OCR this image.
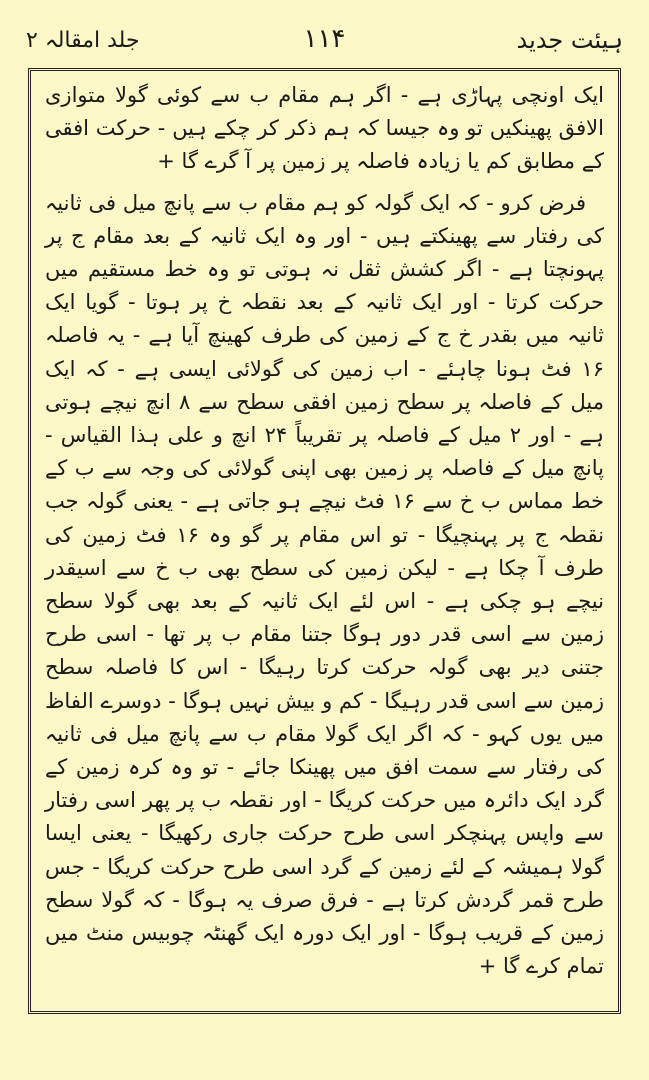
ہیئت جدید
۱۱۴
جلد امقالہ ۲

ایک اونچی پہاڑی ہے - اگر ہم مقام ب سے کوئی گولا متوازی الافق پھینکیں تو وہ جیسا کہ ہم ذکر کر چکے ہیں - حرکت افقی کے مطابق کم یا زیادہ فاصلہ پر زمین پر آ گرے گا +

فرض کرو - کہ ایک گولہ کو ہم مقام ب سے پانچ میل فی ثانیہ کی رفتار سے پھینکتے ہیں - اور وہ ایک ثانیہ کے بعد مقام ج پر پہونچتا ہے - اگر کشش ثقل نہ ہوتی تو وہ خط مستقیم میں حرکت کرتا - اور ایک ثانیہ کے بعد نقطہ خ پر ہوتا - گویا ایک ثانیہ میں بقدر خ ج کے زمین کی طرف کھینچ آیا ہے - یہ فاصلہ ۱۶ فٹ ہونا چاہئے - اب زمین کی گولائی ایسی ہے - کہ ایک میل کے فاصلہ پر سطح زمین افقی سطح سے ۸ انچ نیچے ہوتی ہے - اور ۲ میل کے فاصلہ پر تقریباً ۲۴ انچ و علی ہذا القیاس - پانچ میل کے فاصلہ پر زمین بھی اپنی گولائی کی وجہ سے ب کے خط مماس ب خ سے ۱۶ فٹ نیچے ہو جاتی ہے - یعنی گولہ جب نقطہ ج پر پہنچیگا - تو اس مقام پر گو وہ ۱۶ فٹ زمین کی طرف آ چکا ہے - لیکن زمین کی سطح بھی ب خ سے اسیقدر نیچے ہو چکی ہے - اس لئے ایک ثانیہ کے بعد بھی گولا سطح زمین سے اسی قدر دور ہوگا جتنا مقام ب پر تھا - اسی طرح جتنی دیر بھی گولہ حرکت کرتا رہیگا - اس کا فاصلہ سطح زمین سے اسی قدر رہیگا - کم و بیش نہیں ہوگا - دوسرے الفاظ میں یوں کہو - کہ اگر ایک گولا مقام ب سے پانچ میل فی ثانیہ کی رفتار سے سمت افق میں پھینکا جائے - تو وہ کرہ زمین کے گرد ایک دائرہ میں حرکت کریگا - اور نقطہ ب پر پھر اسی رفتار سے واپس پہنچکر اسی طرح حرکت جاری رکھیگا - یعنی ایسا گولا ہمیشہ کے لئے زمین کے گرد اسی طرح حرکت کریگا - جس طرح قمر گردش کرتا ہے - فرق صرف یہ ہوگا - کہ گولا سطح زمین کے قریب ہوگا - اور ایک دورہ ایک گھنٹہ چوبیس منٹ میں تمام کرے گا +
